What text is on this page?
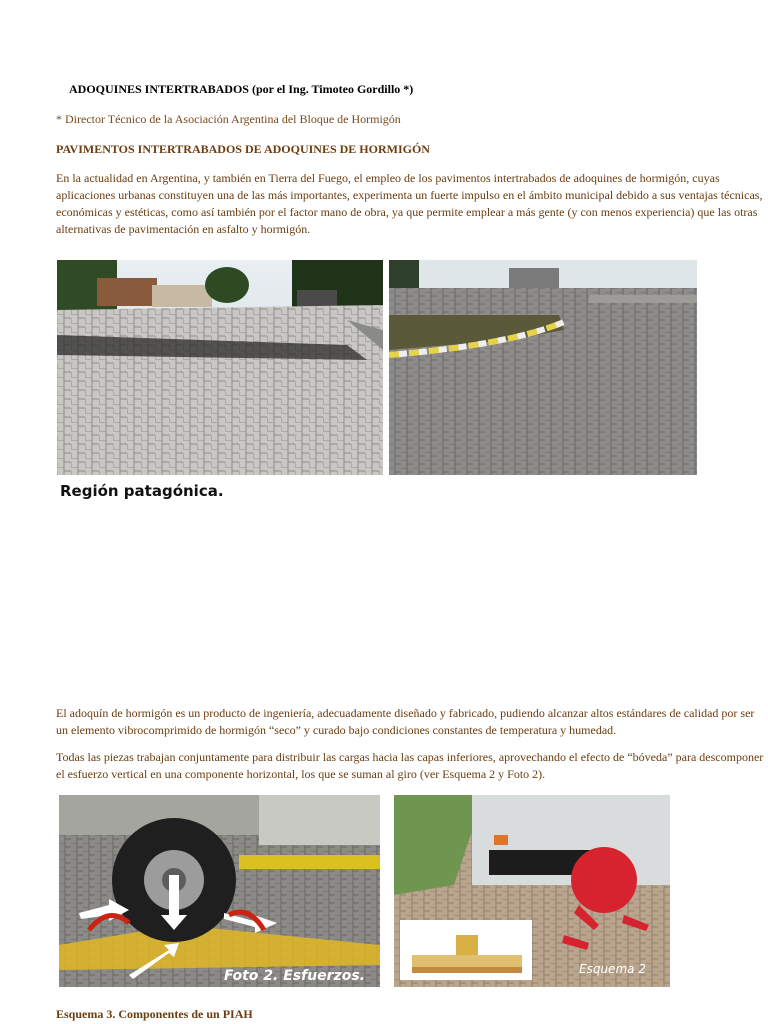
ADOQUINES INTERTRABADOS (por el Ing. Timoteo Gordillo *)
* Director Técnico de la Asociación Argentina del Bloque de Hormigón
PAVIMENTOS INTERTRABADOS DE ADOQUINES DE HORMIGÓN
En la actualidad en Argentina, y también en Tierra del Fuego, el empleo de los pavimentos intertrabados de adoquines de hormigón, cuyas aplicaciones urbanas constituyen una de las más importantes, experimenta un fuerte impulso en el ámbito municipal debido a sus ventajas técnicas, económicas y estéticas, como así también por el factor mano de obra, ya que permite emplear a más gente (y con menos experiencia) que las otras alternativas de pavimentación en asfalto y hormigón.
Región patagónica.
El adoquín de hormigón es un producto de ingeniería, adecuadamente diseñado y fabricado, pudiendo alcanzar altos estándares de calidad por ser un elemento vibrocomprimido de hormigón “seco” y curado bajo condiciones constantes de temperatura y humedad.
Todas las piezas trabajan conjuntamente para distribuir las cargas hacia las capas inferiores, aprovechando el efecto de “bóveda” para descomponer el esfuerzo vertical en una componente horizontal, los que se suman al giro (ver Esquema 2 y Foto 2).
Foto 2. Esfuerzos.	Esquema 2
Esquema 3. Componentes de un PIAH
